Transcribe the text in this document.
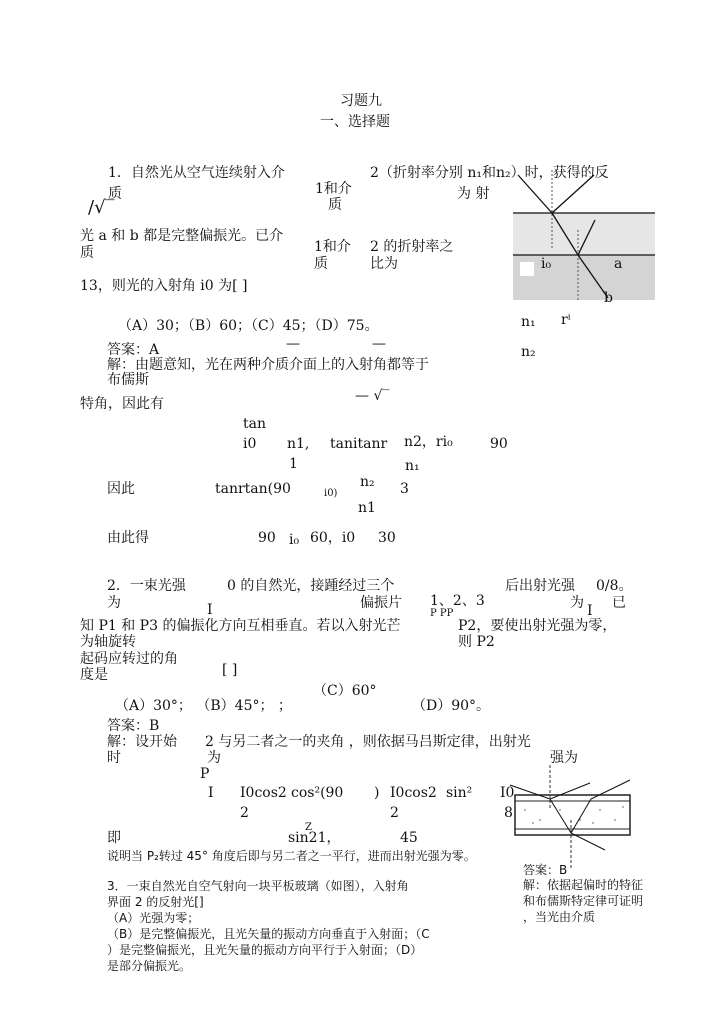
习题九
一、选择题
1．自然光从空气连续射入介
质	1和介
质
2（折射率分别 n₁和n₂）时，获得的反
为 射
/√‾
光 a 和 b 都是完整偏振光。已介
质	1和介
质
2 的折射率之
比为
13，则光的入射角 i0 为[ ]
（A）30；（B）60；（C）45；（D）75。
答案：A	—	—
解：由题意知，光在两种介质介面上的入射角都等于
布儒斯
— √‾
特角，因此有
tan
i0 n1, tanitanr n2，ri₀	90
1	n₁
因此	tanrtan(90	i0)
n₂ 3
n1
由此得	90 i₀ 60，i0 30
i₀	a
b
n₁ rⁱ
n₂
2．一束光强
为
0 的自然光，接踵经过三个
I	偏振片 1、2、3
P PP
后出射光强 0/8。
为 I 已
知 P1 和 P3 的偏振化方向互相垂直。若以入射光芒
为轴旋转
P2，要使出射光强为零，
则 P2
起码应转过的角
度是	[ ]
（C）60°
（A）30°； （B）45°； ；	（D）90°。
答案：B
解：设开始 2 与另二者之一的夹角 ，则依据马吕斯定律，出射光
时	为
P
强为
I I0cos2 cos²(90 ) I0cos2 sin² I0
2	2	8
Z
即	sin21，	45
说明当 P₂转过 45° 角度后即与另二者之一平行，进而出射光强为零。
3．一束自然光自空气射向一块平板玻璃（如图），入射角
界面 2 的反射光[]
（A）光强为零；
（B）是完整偏振光，且光矢量的振动方向垂直于入射面；（C
）是完整偏振光，且光矢量的振动方向平行于入射面；（D）
是部分偏振光。
答案：B
解：依据起偏时的特征
和布儒斯特定律可证明
，当光由介质
